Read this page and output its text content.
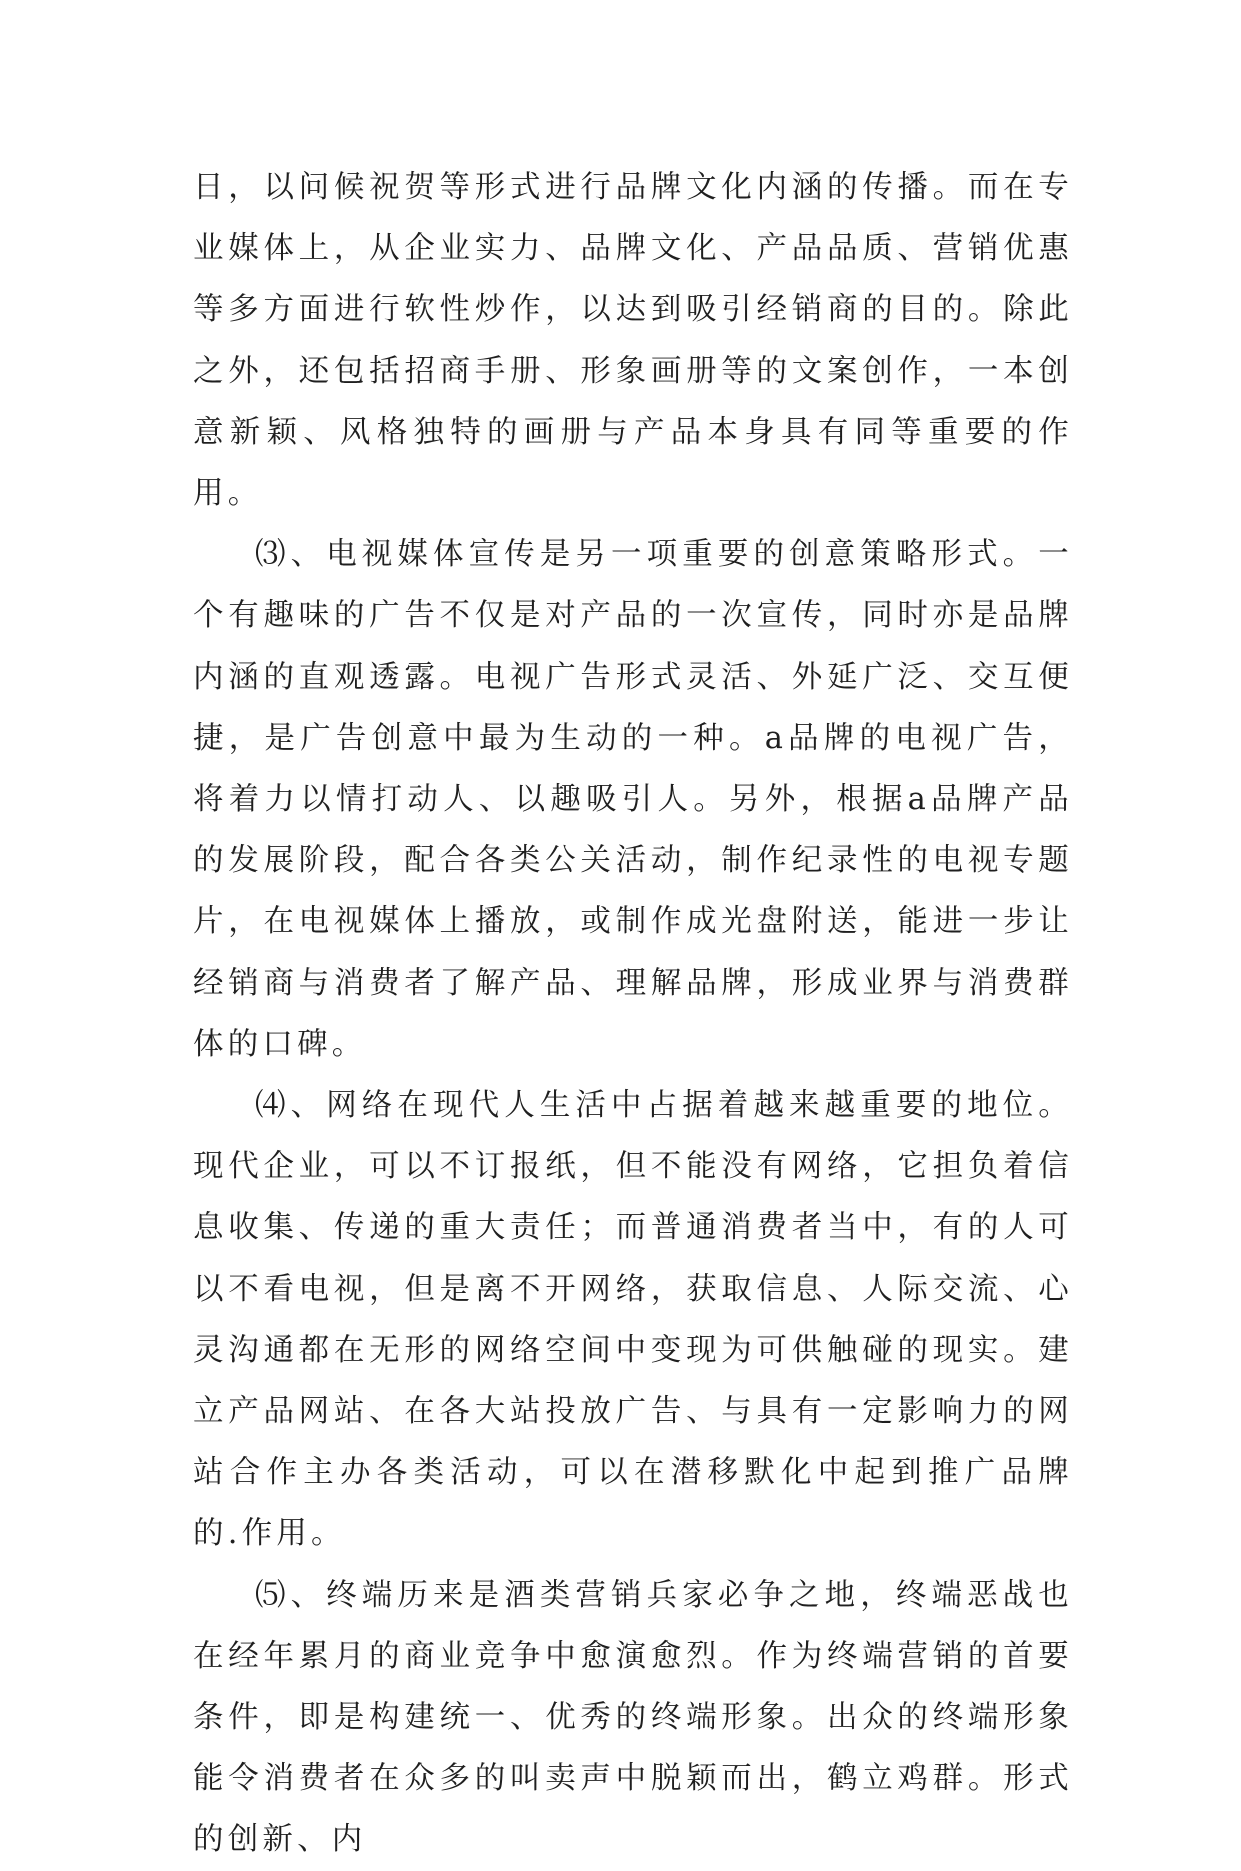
日，以问候祝贺等形式进行品牌文化内涵的传播。而在专业媒体上，从企业实力、品牌文化、产品品质、营销优惠等多方面进行软性炒作，以达到吸引经销商的目的。除此之外，还包括招商手册、形象画册等的文案创作，一本创意新颖、风格独特的画册与产品本身具有同等重要的作用。

⑶、电视媒体宣传是另一项重要的创意策略形式。一个有趣味的广告不仅是对产品的一次宣传，同时亦是品牌内涵的直观透露。电视广告形式灵活、外延广泛、交互便捷，是广告创意中最为生动的一种。a品牌的电视广告，将着力以情打动人、以趣吸引人。另外，根据a品牌产品的发展阶段，配合各类公关活动，制作纪录性的电视专题片，在电视媒体上播放，或制作成光盘附送，能进一步让经销商与消费者了解产品、理解品牌，形成业界与消费群体的口碑。

⑷、网络在现代人生活中占据着越来越重要的地位。现代企业，可以不订报纸，但不能没有网络，它担负着信息收集、传递的重大责任；而普通消费者当中，有的人可以不看电视，但是离不开网络，获取信息、人际交流、心灵沟通都在无形的网络空间中变现为可供触碰的现实。建立产品网站、在各大站投放广告、与具有一定影响力的网站合作主办各类活动，可以在潜移默化中起到推广品牌的.作用。

⑸、终端历来是酒类营销兵家必争之地，终端恶战也在经年累月的商业竞争中愈演愈烈。作为终端营销的首要条件，即是构建统一、优秀的终端形象。出众的终端形象能令消费者在众多的叫卖声中脱颖而出，鹤立鸡群。形式的创新、内
